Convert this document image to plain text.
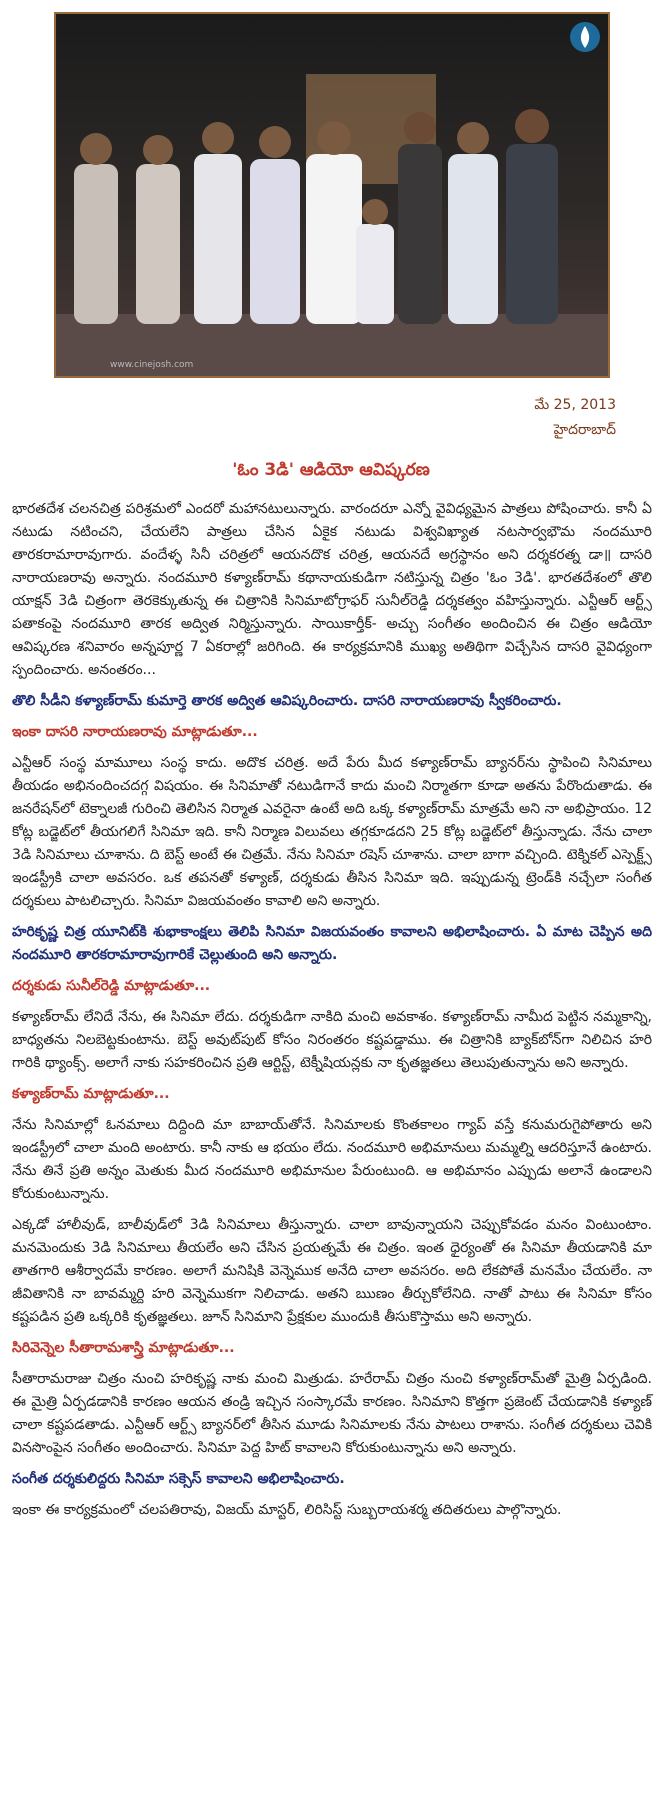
www.cinejosh.com
మే 25, 2013
హైదరాబాద్
'ఓం 3డి' ఆడియో ఆవిష్కరణ

భారతదేశ చలనచిత్ర పరిశ్రమలో ఎందరో మహానటులున్నారు. వారందరూ ఎన్నో వైవిధ్యమైన పాత్రలు పోషించారు. కానీ ఏ నటుడు నటించని, చేయలేని పాత్రలు చేసిన ఏకైక నటుడు విశ్వవిఖ్యాత నటసార్వభౌమ నందమూరి తారకరామారావుగారు. వందేళ్ళ సినీ చరిత్రలో ఆయనదొక చరిత్ర, ఆయనదే అగ్రస్థానం అని దర్శకరత్న డా॥ దాసరి నారాయణరావు అన్నారు. నందమూరి కళ్యాణ్‌రామ్ కథానాయకుడిగా నటిస్తున్న చిత్రం 'ఓం 3డి'. భారతదేశంలో తొలి యాక్షన్ 3డి చిత్రంగా తెరకెక్కుతున్న ఈ చిత్రానికి సినిమాటోగ్రాఫర్ సునీల్‌రెడ్డి దర్శకత్వం వహిస్తున్నారు. ఎన్టీఆర్ ఆర్ట్స్ పతాకంపై నందమూరి తారక అద్విత నిర్మిస్తున్నారు. సాయికార్తీక్- అచ్చు సంగీతం అందించిన ఈ చిత్రం ఆడియో ఆవిష్కరణ శనివారం అన్నపూర్ణ 7 ఏకరాల్లో జరిగింది. ఈ కార్యక్రమానికి ముఖ్య అతిథిగా విచ్చేసిన దాసరి వైవిధ్యంగా స్పందించారు. అనంతరం...

తొలి సీడీని కళ్యాణ్‌రామ్ కుమార్తె తారక అద్విత ఆవిష్కరించారు. దాసరి నారాయణరావు స్వీకరించారు.

ఇంకా దాసరి నారాయణరావు మాట్లాడుతూ...

ఎన్టీఆర్ సంస్థ మామూలు సంస్థ కాదు. అదొక చరిత్ర. అదే పేరు మీద కళ్యాణ్‌రామ్ బ్యానర్‌ను స్థాపించి సినిమాలు తీయడం అభినందించదగ్గ విషయం. ఈ సినిమాతో నటుడిగానే కాదు మంచి నిర్మాతగా కూడా అతను పేరొందుతాడు. ఈ జనరేషన్‌లో టెక్నాలజీ గురించి తెలిసిన నిర్మాత ఎవరైనా ఉంటే అది ఒక్క కళ్యాణ్‌రామ్ మాత్రమే అని నా అభిప్రాయం. 12 కోట్ల బడ్జెట్‌లో తీయగలిగే సినిమా ఇది. కానీ నిర్మాణ విలువలు తగ్గకూడదని 25 కోట్ల బడ్జెట్‌లో తీస్తున్నాడు. నేను చాలా 3డి సినిమాలు చూశాను. ది బెస్ట్ అంటే ఈ చిత్రమే. నేను సినిమా రషెస్ చూశాను. చాలా బాగా వచ్చింది. టెక్నికల్ ఎస్పెక్ట్స్ ఇండస్ట్రీకి చాలా అవసరం. ఒక తపనతో కళ్యాణ్, దర్శకుడు తీసిన సినిమా ఇది. ఇప్పుడున్న ట్రెండ్‌కి నచ్చేలా సంగీత దర్శకులు పాటలిచ్చారు. సినిమా విజయవంతం కావాలి అని అన్నారు.

హరికృష్ణ చిత్ర యూనిట్‌కి శుభాకాంక్షలు తెలిపి సినిమా విజయవంతం కావాలని అభిలాషించారు. ఏ మాట చెప్పిన అది నందమూరి తారకరామారావుగారికే చెల్లుతుంది అని అన్నారు.

దర్శకుడు సునీల్‌రెడ్డి మాట్లాడుతూ...

కళ్యాణ్‌రామ్ లేనిదే నేను, ఈ సినిమా లేదు. దర్శకుడిగా నాకిది మంచి అవకాశం. కళ్యాణ్‌రామ్ నామీద పెట్టిన నమ్మకాన్ని, బాధ్యతను నిలబెట్టకుంటాను. బెస్ట్ అవుట్‌పుట్ కోసం నిరంతరం కష్టపడ్డాము. ఈ చిత్రానికి బ్యాక్‌బోన్‌గా నిలిచిన హరి గారికి థ్యాంక్స్. అలాగే నాకు సహకరించిన ప్రతి ఆర్టిస్ట్, టెక్నీషియన్లకు నా కృతజ్ఞతలు తెలుపుతున్నాను అని అన్నారు.

కళ్యాణ్‌రామ్ మాట్లాడుతూ...

నేను సినిమాల్లో ఓనమాలు దిద్దింది మా బాబాయ్‌తోనే. సినిమాలకు కొంతకాలం గ్యాప్ వస్తే కనుమరుగైపోతారు అని ఇండస్ట్రీలో చాలా మంది అంటారు. కానీ నాకు ఆ భయం లేదు. నందమూరి అభిమానులు మమ్మల్ని ఆదరిస్తూనే ఉంటారు. నేను తినే ప్రతి అన్నం మెతుకు మీద నందమూరి అభిమానుల పేరుంటుంది. ఆ అభిమానం ఎప్పుడు అలానే ఉండాలని కోరుకుంటున్నాను.

ఎక్కడో హాలీవుడ్, బాలీవుడ్‌లో 3డి సినిమాలు తీస్తున్నారు. చాలా బావున్నాయని చెప్పుకోవడం మనం వింటుంటాం. మనమెందుకు 3డి సినిమాలు తీయలేం అని చేసిన ప్రయత్నమే ఈ చిత్రం. ఇంత ధైర్యంతో ఈ సినిమా తీయడానికి మా తాతగారి ఆశీర్వాదమే కారణం. అలాగే మనిషికి వెన్నెముక అనేది చాలా అవసరం. అది లేకపోతే మనమేం చేయలేం. నా జీవితానికి నా బావమ్మర్ది హరి వెన్నెముకగా నిలిచాడు. అతని ఋణం తీర్చుకోలేనిది. నాతో పాటు ఈ సినిమా కోసం కష్టపడిన ప్రతి ఒక్కరికి కృతజ్ఞతలు. జూన్ సినిమాని ప్రేక్షకుల ముందుకి తీసుకొస్తాము అని అన్నారు.

సిరివెన్నెల సీతారామశాస్త్రి మాట్లాడుతూ...

సీతారామరాజు చిత్రం నుంచి హరికృష్ణ నాకు మంచి మిత్రుడు. హరేరామ్ చిత్రం నుంచి కళ్యాణ్‌రామ్‌తో మైత్రి ఏర్పడింది. ఈ మైత్రి ఏర్పడడానికి కారణం ఆయన తండ్రి ఇచ్చిన సంస్కారమే కారణం. సినిమాని కొత్తగా ప్రజెంట్ చేయడానికి కళ్యాణ్ చాలా కష్టపడతాడు. ఎన్టీఆర్ ఆర్ట్స్ బ్యానర్‌లో తీసిన మూడు సినిమాలకు నేను పాటలు రాశాను. సంగీత దర్శకులు చెవికి వినసొంపైన సంగీతం అందించారు. సినిమా పెద్ద హిట్ కావాలని కోరుకుంటున్నాను అని అన్నారు.

సంగీత దర్శకులిద్దరు సినిమా సక్సెస్ కావాలని అభిలాషించారు.

ఇంకా ఈ కార్యక్రమంలో చలపతిరావు, విజయ్ మాస్టర్, లిరిసిస్ట్ సుబ్బరాయశర్మ తదితరులు పాల్గొన్నారు.
